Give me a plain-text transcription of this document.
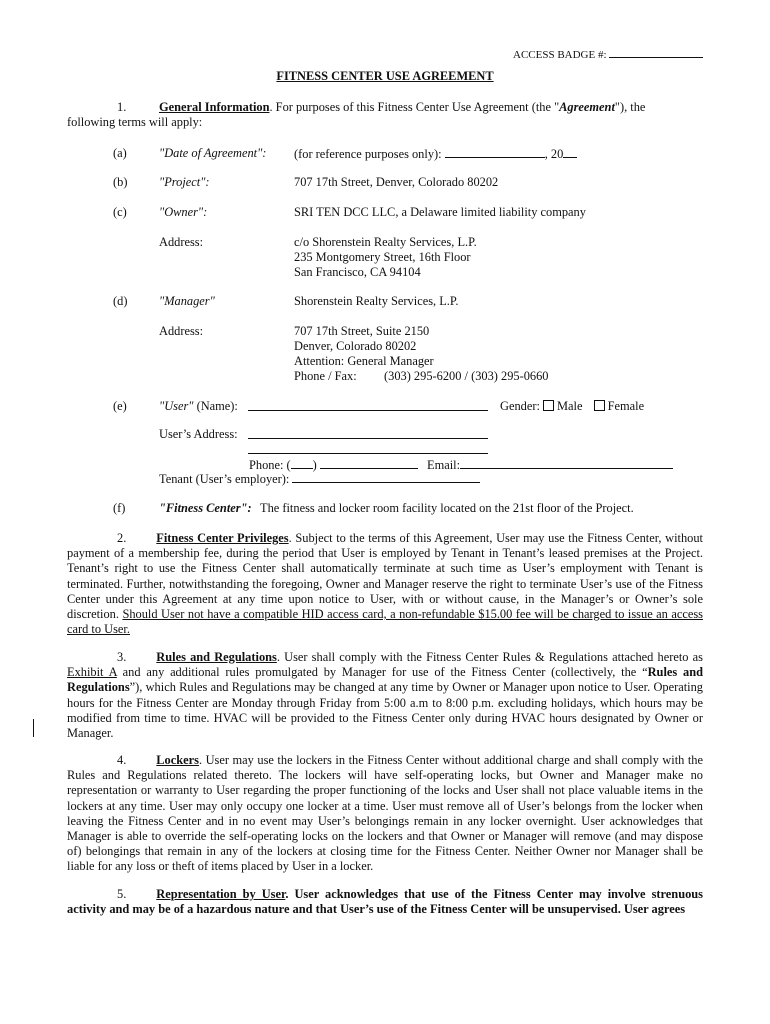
ACCESS BADGE #:
FITNESS CENTER USE AGREEMENT
1.	General Information. For purposes of this Fitness Center Use Agreement (the "Agreement"), the
following terms will apply:
(a)	"Date of Agreement": (for reference purposes only):	, 20
(b)	"Project":	707 17th Street, Denver, Colorado 80202
(c)	"Owner":	SRI TEN DCC LLC, a Delaware limited liability company
Address:	c/o Shorenstein Realty Services, L.P.
235 Montgomery Street, 16th Floor
San Francisco, CA 94104
(d)	"Manager"	Shorenstein Realty Services, L.P.
Address:	707 17th Street, Suite 2150
Denver, Colorado 80202
Attention: General Manager
Phone / Fax: (303) 295-6200 / (303) 295-0660
(e)	"User" (Name):	Gender: Male Female
User’s Address:
Phone: ( )	Email:
Tenant (User’s employer):
(f)	"Fitness Center": The fitness and locker room facility located on the 21st floor of the Project.
2. Fitness Center Privileges. Subject to the terms of this Agreement, User may use the Fitness Center, without payment of a membership fee, during the period that User is employed by Tenant in Tenant’s leased premises at the Project. Tenant’s right to use the Fitness Center shall automatically terminate at such time as User’s employment with Tenant is terminated. Further, notwithstanding the foregoing, Owner and Manager reserve the right to terminate User’s use of the Fitness Center under this Agreement at any time upon notice to User, with or without cause, in the Manager’s or Owner’s sole discretion. Should User not have a compatible HID access card, a non-refundable $15.00 fee will be charged to issue an access card to User.
3. Rules and Regulations. User shall comply with the Fitness Center Rules & Regulations attached hereto as Exhibit A and any additional rules promulgated by Manager for use of the Fitness Center (collectively, the “Rules and Regulations”), which Rules and Regulations may be changed at any time by Owner or Manager upon notice to User. Operating hours for the Fitness Center are Monday through Friday from 5:00 a.m to 8:00 p.m. excluding holidays, which hours may be modified from time to time. HVAC will be provided to the Fitness Center only during HVAC hours designated by Owner or Manager.
4. Lockers. User may use the lockers in the Fitness Center without additional charge and shall comply with the Rules and Regulations related thereto. The lockers will have self-operating locks, but Owner and Manager make no representation or warranty to User regarding the proper functioning of the locks and User shall not place valuable items in the lockers at any time. User may only occupy one locker at a time. User must remove all of User’s belongs from the locker when leaving the Fitness Center and in no event may User’s belongings remain in any locker overnight. User acknowledges that Manager is able to override the self-operating locks on the lockers and that Owner or Manager will remove (and may dispose of) belongings that remain in any of the lockers at closing time for the Fitness Center. Neither Owner nor Manager shall be liable for any loss or theft of items placed by User in a locker.
5. Representation by User. User acknowledges that use of the Fitness Center may involve strenuous activity and may be of a hazardous nature and that User’s use of the Fitness Center will be unsupervised. User agrees
